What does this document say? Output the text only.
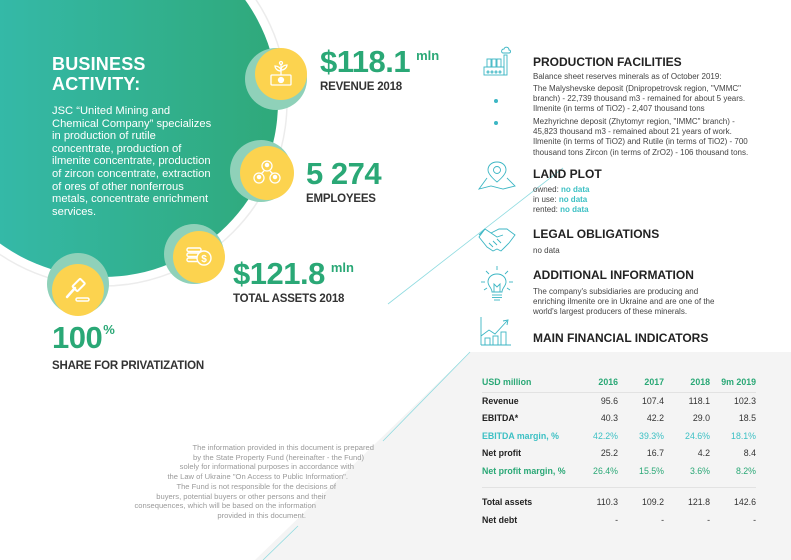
BUSINESS
ACTIVITY:
JSC “United Mining and Chemical Company” specializes in production of rutile concentrate, production of ilmenite concentrate, production of zircon concentrate, extraction of ores of other nonferrous metals, concentrate enrichment services.
$118.1 $^{mln}$
REVENUE 2018
5 274
EMPLOYEES
$ $121.8 $^{mln}$
TOTAL ASSETS 2018
100%
SHARE FOR PRIVATIZATION
PRODUCTION FACILITIES
Balance sheet reserves minerals as of October 2019:
The Malyshevske deposit (Dnipropetrovsk region, "VMMC"
branch) - 22,739 thousand m3 - remained for about 5 years.
Ilmenite (in terms of TiO2) - 2,407 thousand tons
Mezhyrichne deposit (Zhytomyr region, "IMMC" branch) -
45,823 thousand m3 - remained about 21 years of work.
Ilmenite (in terms of TiO2) and Rutile (in terms of TiO2) - 700
thousand tons Zircon (in terms of ZrO2) - 106 thousand tons.
LAND PLOT
owned: no data
in use: no data
rented: no data
LEGAL OBLIGATIONS
no data
ADDITIONAL INFORMATION
The company's subsidiaries are producing and
enriching ilmenite ore in Ukraine and are one of the
world's largest producers of these minerals.
MAIN FINANCIAL INDICATORS
USD million	2016	2017	2018	9m 2019
Revenue	95.6	107.4	118.1	102.3
EBITDA*	40.3	42.2	29.0	18.5
EBITDA margin, %	42.2%	39.3%	24.6%	18.1%
Net profit	25.2	16.7	4.2	8.4
Net profit margin, %	26.4%	15.5%	3.6%	8.2%

Total assets	110.3	109.2	121.8	142.6
Net debt	-	-	-	-
The information provided in this document is prepared
by the State Property Fund (hereinafter - the Fund)
solely for informational purposes in accordance with
the Law of Ukraine "On Access to Public Information".
The Fund is not responsible for the decisions of
buyers, potential buyers or other persons and their
consequences, which will be based on the information
provided in this document.
